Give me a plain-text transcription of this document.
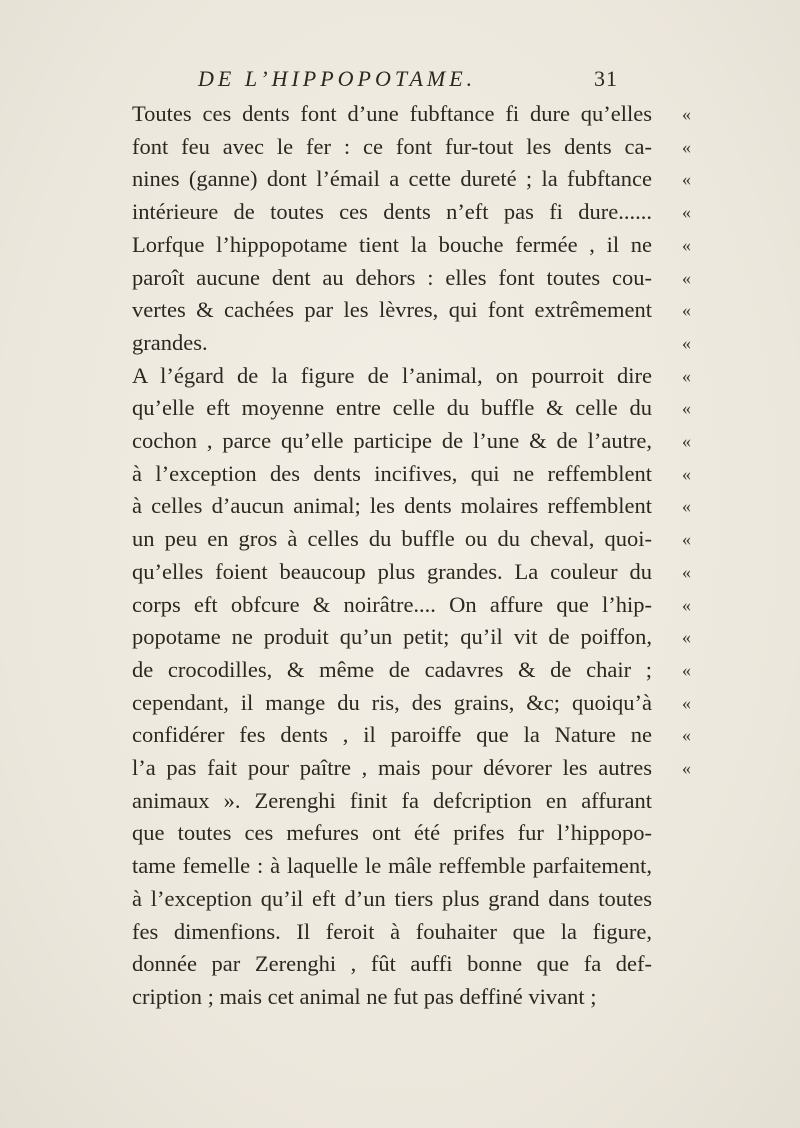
DE L’HIPPOPOTAME.	31
Toutes ces dents font d’une fubftance fi dure qu’elles «
font feu avec le fer : ce font fur-tout les dents ca- «
nines (ganne) dont l’émail a cette dureté ; la fubftance «
intérieure de toutes ces dents n’eft pas fi dure...... «
Lorfque l’hippopotame tient la bouche fermée , il ne «
paroît aucune dent au dehors : elles font toutes cou- «
vertes & cachées par les lèvres, qui font extrêmement «
grandes.	«
A l’égard de la figure de l’animal, on pourroit dire «
qu’elle eft moyenne entre celle du buffle & celle du «
cochon , parce qu’elle participe de l’une & de l’autre, «
à l’exception des dents incifives, qui ne reffemblent «
à celles d’aucun animal; les dents molaires reffemblent «
un peu en gros à celles du buffle ou du cheval, quoi- «
qu’elles foient beaucoup plus grandes. La couleur du «
corps eft obfcure & noirâtre.... On affure que l’hip- «
popotame ne produit qu’un petit; qu’il vit de poiffon, «
de crocodilles, & même de cadavres & de chair ; «
cependant, il mange du ris, des grains, &c; quoiqu’à «
confidérer fes dents , il paroiffe que la Nature ne «
l’a pas fait pour paître , mais pour dévorer les autres «
animaux ». Zerenghi finit fa defcription en affurant
que toutes ces mefures ont été prifes fur l’hippopo-
tame femelle : à laquelle le mâle reffemble parfaitement,
à l’exception qu’il eft d’un tiers plus grand dans toutes
fes dimenfions. Il feroit à fouhaiter que la figure,
donnée par Zerenghi , fût auffi bonne que fa def-
cription ; mais cet animal ne fut pas deffiné vivant ;
